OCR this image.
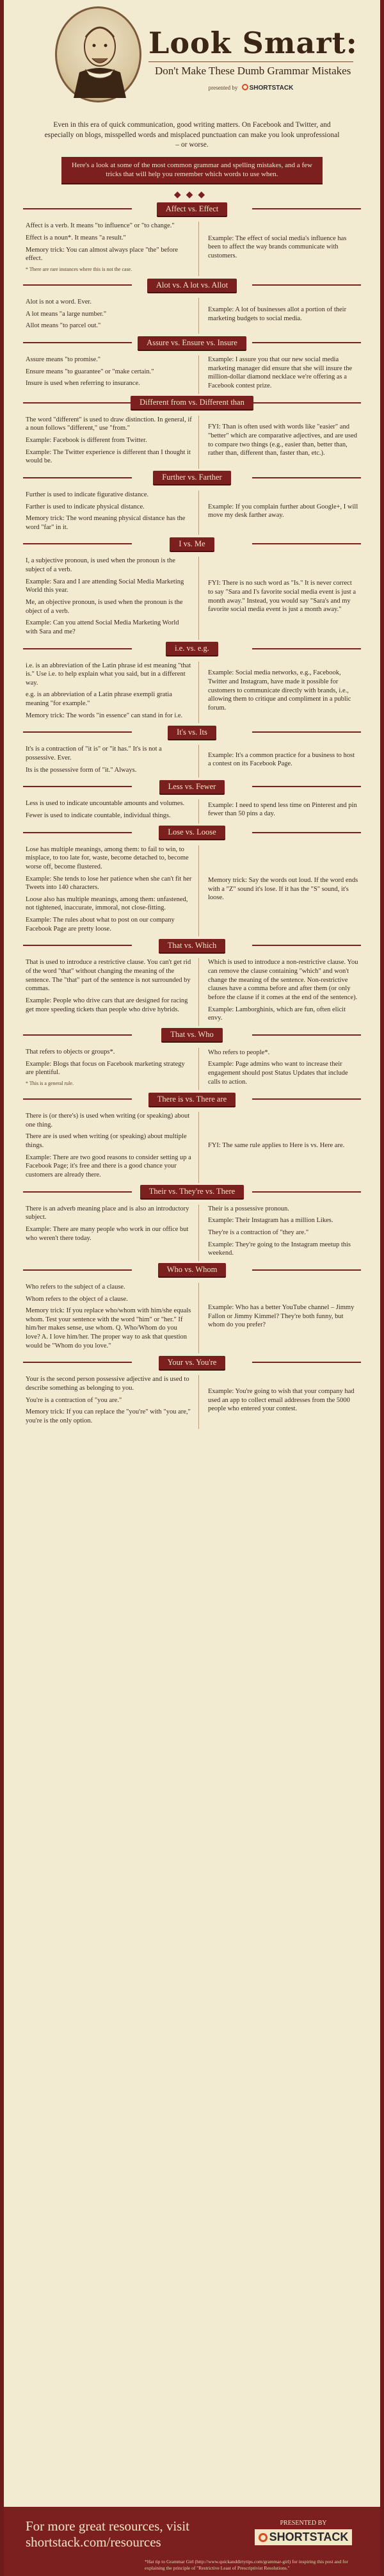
Look Smart:
Don't Make These Dumb Grammar Mistakes
presented by SHORTSTACK
Even in this era of quick communication, good writing matters. On Facebook and Twitter, and especially on blogs, misspelled words and misplaced punctuation can make you look unprofessional – or worse.
Here's a look at some of the most common grammar and spelling mistakes, and a few tricks that will help you remember which words to use when.
◆◆◆
Affect vs. Effect

Affect is a verb. It means "to influence" or "to change."

Effect is a noun*. It means "a result."

Memory trick: You can almost always place "the" before effect.

* There are rare instances where this is not the case.

Example: The effect of social media's influence has been to affect the way brands communicate with customers.

Alot vs. A lot vs. Allot

Alot is not a word. Ever.

A lot means "a large number."

Allot means "to parcel out."

Example: A lot of businesses allot a portion of their marketing budgets to social media.

Assure vs. Ensure vs. Insure

Assure means "to promise."

Ensure means "to guarantee" or "make certain."

Insure is used when referring to insurance.

Example: I assure you that our new social media marketing manager did ensure that she will insure the million-dollar diamond necklace we're offering as a Facebook contest prize.

Different from vs. Different than

The word "different" is used to draw distinction. In general, if a noun follows "different," use "from."

Example: Facebook is different from Twitter.

Example: The Twitter experience is different than I thought it would be.

FYI: Than is often used with words like "easier" and "better" which are comparative adjectives, and are used to compare two things (e.g., easier than, better than, rather than, different than, faster than, etc.).

Further vs. Farther

Further is used to indicate figurative distance.

Farther is used to indicate physical distance.

Memory trick: The word meaning physical distance has the word "far" in it.

Example: If you complain further about Google+, I will move my desk farther away.

I vs. Me

I, a subjective pronoun, is used when the pronoun is the subject of a verb.

Example: Sara and I are attending Social Media Marketing World this year.

Me, an objective pronoun, is used when the pronoun is the object of a verb.

Example: Can you attend Social Media Marketing World with Sara and me?

FYI: There is no such word as "Is." It is never correct to say "Sara and I's favorite social media event is just a month away." Instead, you would say "Sara's and my favorite social media event is just a month away."

i.e. vs. e.g.

i.e. is an abbreviation of the Latin phrase id est meaning "that is." Use i.e. to help explain what you said, but in a different way.

e.g. is an abbreviation of a Latin phrase exempli gratia meaning "for example."

Memory trick: The words "in essence" can stand in for i.e.

Example: Social media networks, e.g., Facebook, Twitter and Instagram, have made it possible for customers to communicate directly with brands, i.e., allowing them to critique and compliment in a public forum.

It's vs. Its

It's is a contraction of "it is" or "it has." It's is not a possessive. Ever.

Its is the possessive form of "it." Always.

Example: It's a common practice for a business to host a contest on its Facebook Page.

Less vs. Fewer

Less is used to indicate uncountable amounts and volumes.

Fewer is used to indicate countable, individual things.

Example: I need to spend less time on Pinterest and pin fewer than 50 pins a day.

Lose vs. Loose

Lose has multiple meanings, among them: to fail to win, to misplace, to too late for, waste, become detached to, become worse off, become flustered.

Example: She tends to lose her patience when she can't fit her Tweets into 140 characters.

Loose also has multiple meanings, among them: unfastened, not tightened, inaccurate, immoral, not close-fitting.

Example: The rules about what to post on our company Facebook Page are pretty loose.

Memory trick: Say the words out loud. If the word ends with a "Z" sound it's lose. If it has the "S" sound, it's loose.

That vs. Which

That is used to introduce a restrictive clause. You can't get rid of the word "that" without changing the meaning of the sentence. The "that" part of the sentence is not surrounded by commas.

Example: People who drive cars that are designed for racing get more speeding tickets than people who drive hybrids.

Which is used to introduce a non-restrictive clause. You can remove the clause containing "which" and won't change the meaning of the sentence. Non-restrictive clauses have a comma before and after them (or only before the clause if it comes at the end of the sentence).

Example: Lamborghinis, which are fun, often elicit envy.

That vs. Who

That refers to objects or groups*.

Example: Blogs that focus on Facebook marketing strategy are plentiful.

* This is a general rule.

Who refers to people*.

Example: Page admins who want to increase their engagement should post Status Updates that include calls to action.

There is vs. There are

There is (or there's) is used when writing (or speaking) about one thing.

There are is used when writing (or speaking) about multiple things.

Example: There are two good reasons to consider setting up a Facebook Page; it's free and there is a good chance your customers are already there.

FYI: The same rule applies to Here is vs. Here are.

Their vs. They're vs. There

There is an adverb meaning place and is also an introductory subject.

Example: There are many people who work in our office but who weren't there today.

Their is a possessive pronoun.

Example: Their Instagram has a million Likes.

They're is a contraction of "they are."

Example: They're going to the Instagram meetup this weekend.

Who vs. Whom

Who refers to the subject of a clause.

Whom refers to the object of a clause.

Memory trick: If you replace who/whom with him/she equals whom. Test your sentence with the word "him" or "her." If him/her makes sense, use whom. Q. Who/Whom do you love? A. I love him/her. The proper way to ask that question would be "Whom do you love."

Example: Who has a better YouTube channel – Jimmy Fallon or Jimmy Kimmel? They're both funny, but whom do you prefer?

Your vs. You're

Your is the second person possessive adjective and is used to describe something as belonging to you.

You're is a contraction of "you are."

Memory trick: If you can replace the "you're" with "you are," you're is the only option.

Example: You're going to wish that your company had used an app to collect email addresses from the 5000 people who entered your contest.

For more great resources, visit shortstack.com/resources
PRESENTED BY
SHORTSTACK
*Hat tip to Grammar Girl (http://www.quickanddirtytips.com/grammar-girl) for inspiring this post and for explaining the principle of "Restrictive Least of Prescriptivist Resolutions."
